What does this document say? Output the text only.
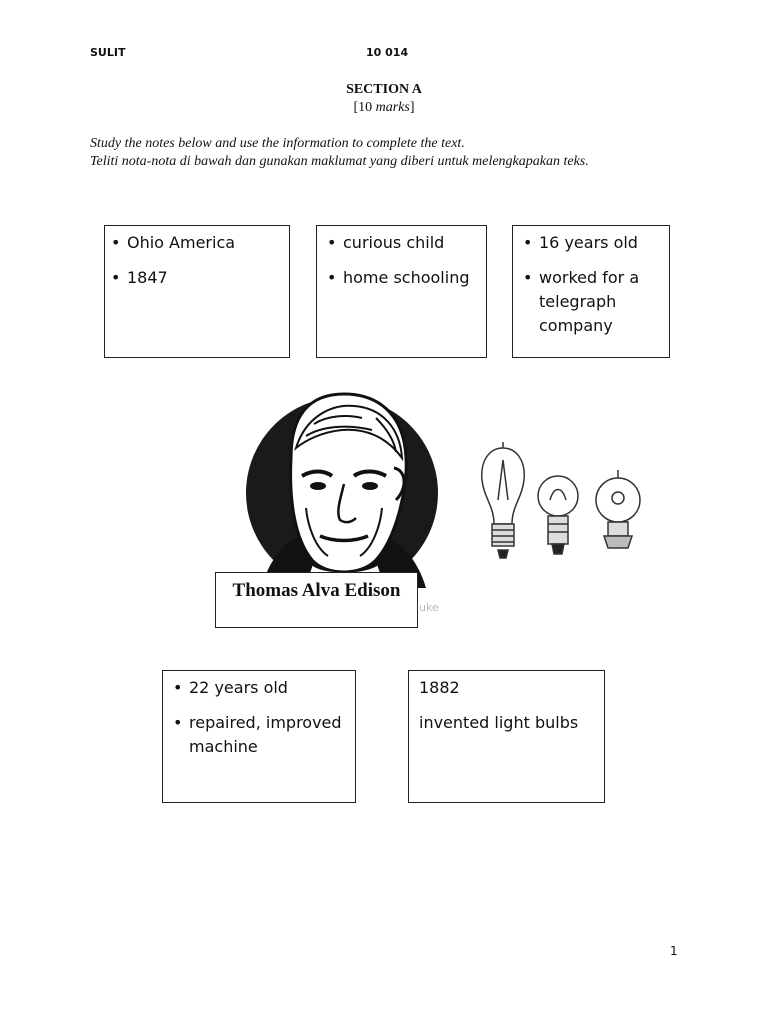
SULIT	10 014
SECTION A
[10 marks]
Study the notes below and use the information to complete the text.
Teliti nota-nota di bawah dan gunakan maklumat yang diberi untuk melengkapakan teks.
• Ohio America
• 1847
• curious child
• home schooling
• 16 years old
• worked for a telegraph company
uke
Thomas Alva Edison
• 22 years old
• repaired, improved machine

1882

invented light bulbs

1
